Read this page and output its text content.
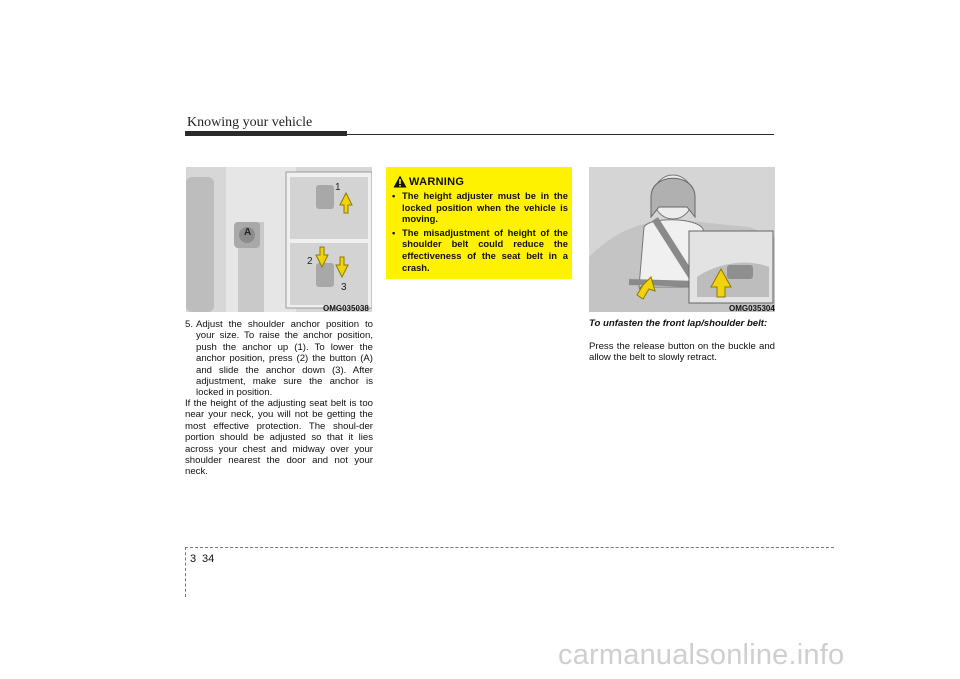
Knowing your vehicle
A
1
2
3
OMG035038
5. Adjust the shoulder anchor position to your size. To raise the anchor position, push the anchor up (1). To lower the anchor position, press (2) the button (A) and slide the anchor down (3). After adjustment, make sure the anchor is locked in position.
If the height of the adjusting seat belt is too near your neck, you will not be getting the most effective protection. The shoul-der portion should be adjusted so that it lies across your chest and midway over your shoulder nearest the door and not your neck.
WARNING
• The height adjuster must be in the locked position when the vehicle is moving.
• The misadjustment of height of the shoulder belt could reduce the effectiveness of the seat belt in a crash.
OMG035304
To unfasten the front lap/shoulder belt:
Press the release button on the buckle and allow the belt to slowly retract.
3 34
carmanualsonline.info
